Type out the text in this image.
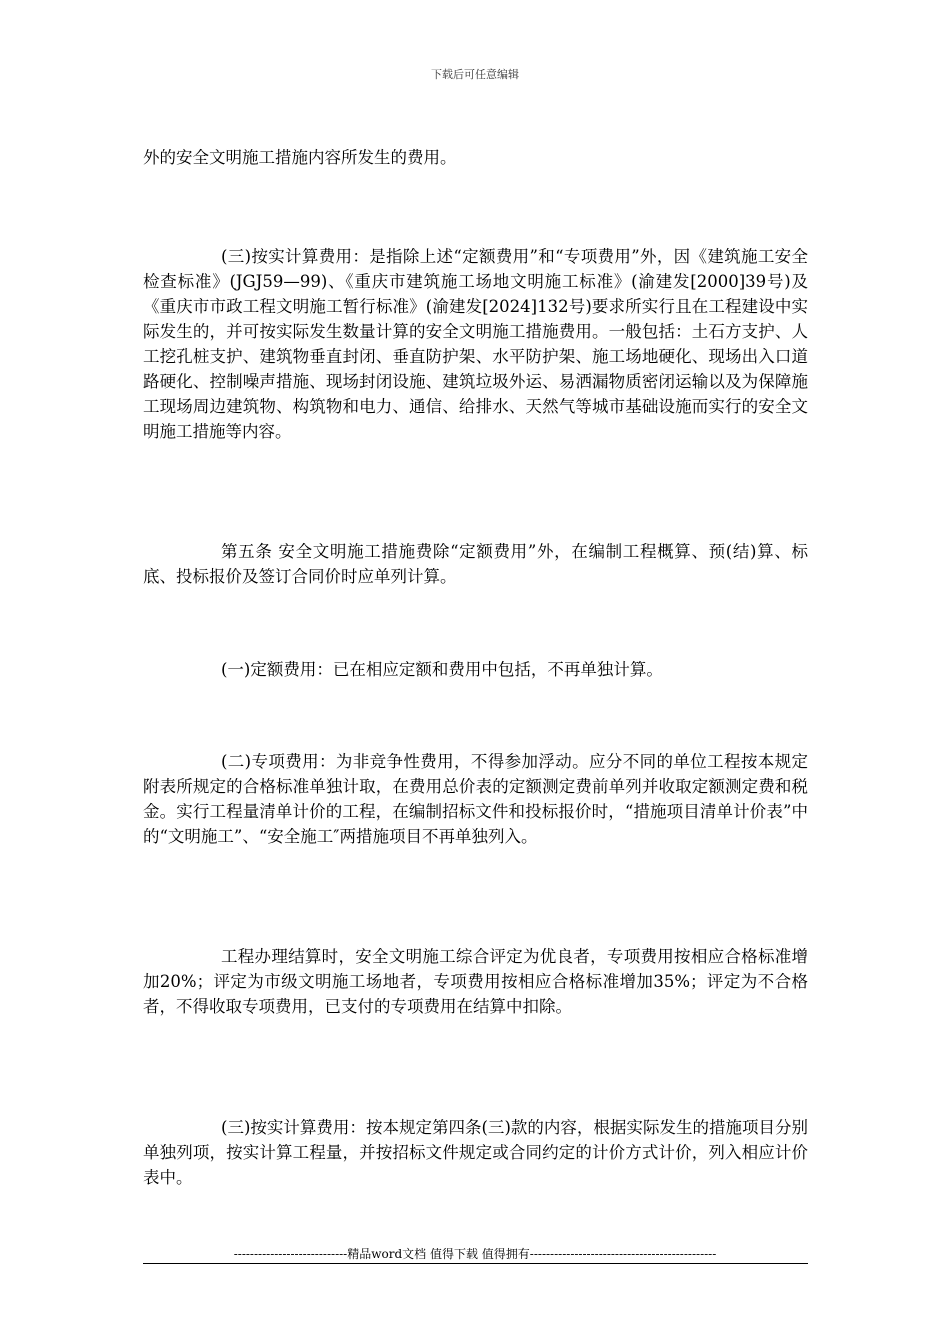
下载后可任意编辑

外的安全文明施工措施内容所发生的费用。

(三)按实计算费用：是指除上述“定额费用”和“专项费用”外，因《建筑施工安全检查标准》(JGJ59—99)、《重庆市建筑施工场地文明施工标准》(渝建发[2000]39号)及《重庆市市政工程文明施工暂行标准》(渝建发[2024]132号)要求所实行且在工程建设中实际发生的，并可按实际发生数量计算的安全文明施工措施费用。一般包括：土石方支护、人工挖孔桩支护、建筑物垂直封闭、垂直防护架、水平防护架、施工场地硬化、现场出入口道路硬化、控制噪声措施、现场封闭设施、建筑垃圾外运、易洒漏物质密闭运输以及为保障施工现场周边建筑物、构筑物和电力、通信、给排水、天然气等城市基础设施而实行的安全文明施工措施等内容。

第五条 安全文明施工措施费除“定额费用”外，在编制工程概算、预(结)算、标底、投标报价及签订合同价时应单列计算。

(一)定额费用：已在相应定额和费用中包括，不再单独计算。

(二)专项费用：为非竞争性费用，不得参加浮动。应分不同的单位工程按本规定附表所规定的合格标准单独计取，在费用总价表的定额测定费前单列并收取定额测定费和税金。实行工程量清单计价的工程，在编制招标文件和投标报价时，“措施项目清单计价表”中的“文明施工”、“安全施工″两措施项目不再单独列入。

工程办理结算时，安全文明施工综合评定为优良者，专项费用按相应合格标准增加20%；评定为市级文明施工场地者，专项费用按相应合格标准增加35%；评定为不合格者，不得收取专项费用，已支付的专项费用在结算中扣除。

(三)按实计算费用：按本规定第四条(三)款的内容，根据实际发生的措施项目分别单独列项，按实计算工程量，并按招标文件规定或合同约定的计价方式计价，列入相应计价表中。

----------------------------精品word文档 值得下载 值得拥有----------------------------------------------
